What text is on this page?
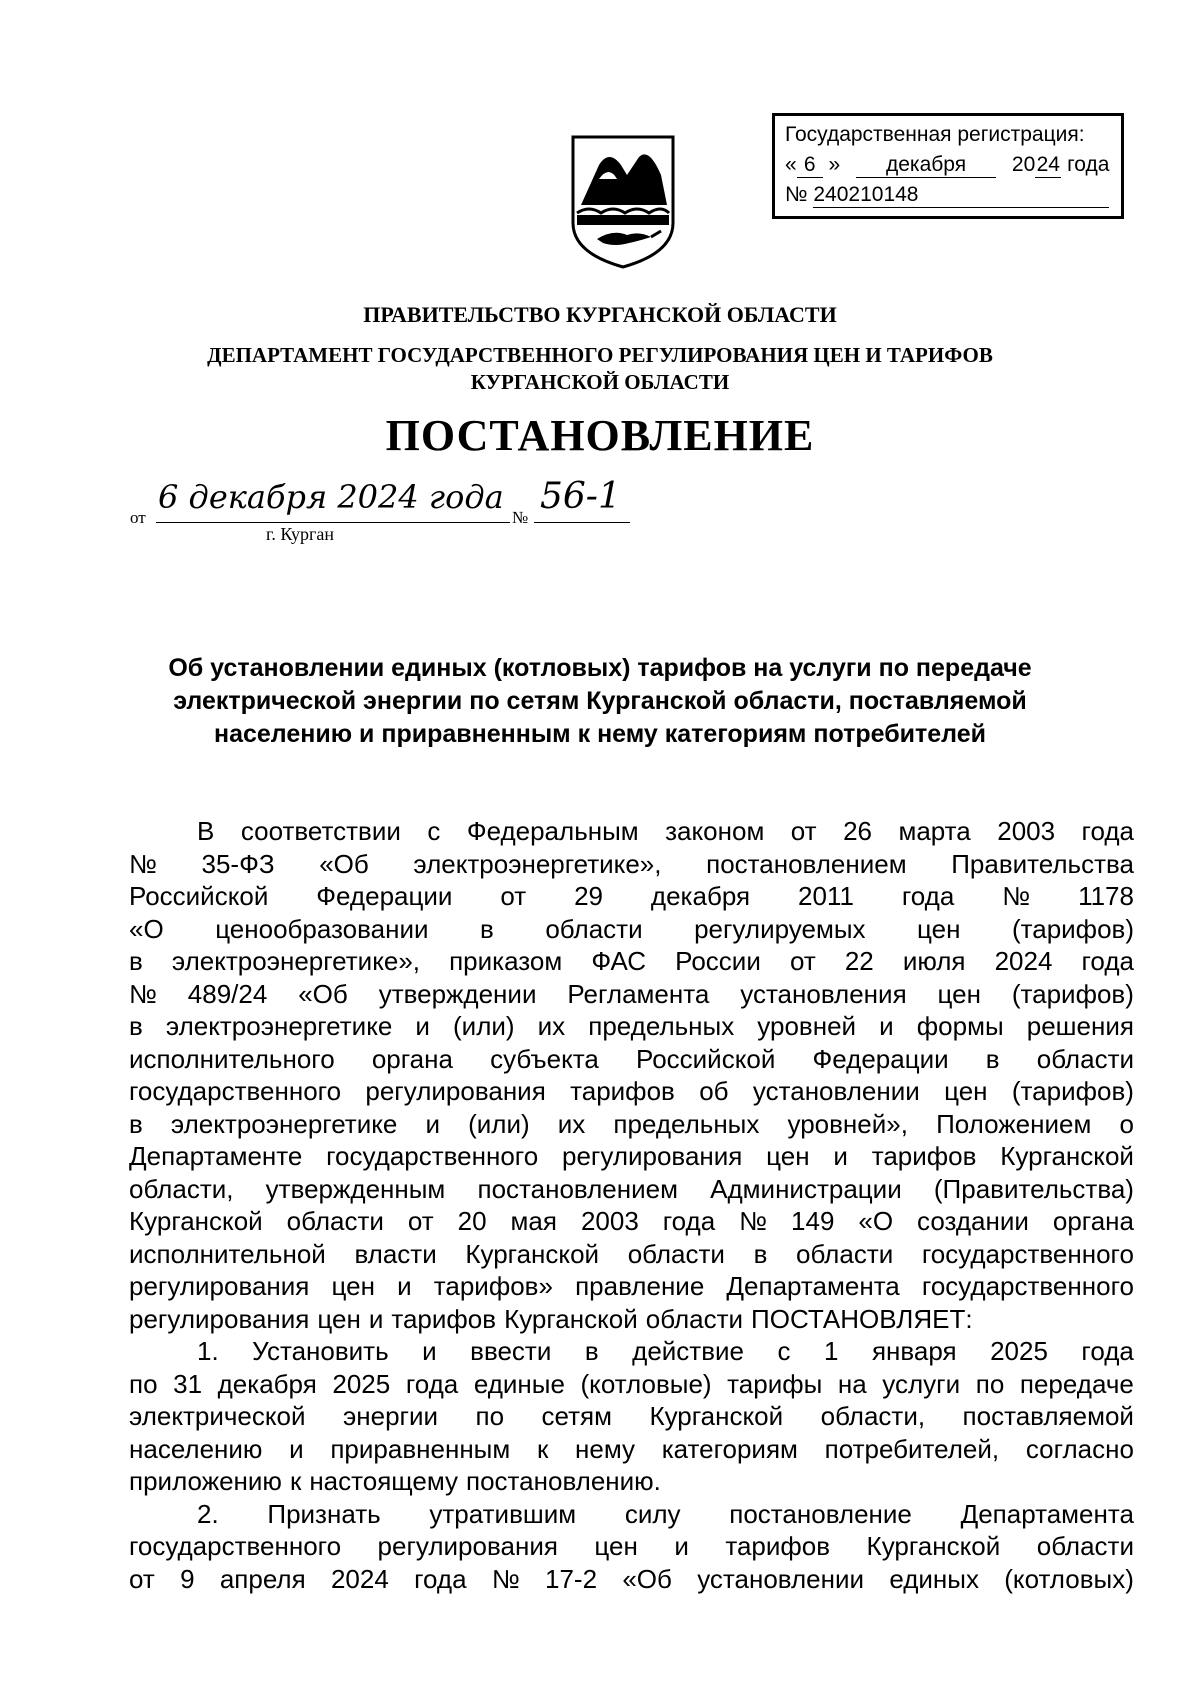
Государственная регистрация:
« 6 » декабря 2024 года
№ 240210148
ПРАВИТЕЛЬСТВО КУРГАНСКОЙ ОБЛАСТИ
ДЕПАРТАМЕНТ ГОСУДАРСТВЕННОГО РЕГУЛИРОВАНИЯ ЦЕН И ТАРИФОВ
КУРГАНСКОЙ ОБЛАСТИ
ПОСТАНОВЛЕНИЕ
от
6 декабря 2024 года
№
56-1
г. Курган
Об установлении единых (котловых) тарифов на услуги по передаче
электрической энергии по сетям Курганской области, поставляемой
населению и приравненным к нему категориям потребителей
В соответствии с Федеральным законом от 26 марта 2003 года
№ 35-ФЗ «Об электроэнергетике», постановлением Правительства
Российской Федерации от 29 декабря 2011 года № 1178
«О ценообразовании в области регулируемых цен (тарифов)
в электроэнергетике», приказом ФАС России от 22 июля 2024 года
№ 489/24 «Об утверждении Регламента установления цен (тарифов)
в электроэнергетике и (или) их предельных уровней и формы решения
исполнительного органа субъекта Российской Федерации в области
государственного регулирования тарифов об установлении цен (тарифов)
в электроэнергетике и (или) их предельных уровней», Положением о
Департаменте государственного регулирования цен и тарифов Курганской
области, утвержденным постановлением Администрации (Правительства)
Курганской области от 20 мая 2003 года № 149 «О создании органа
исполнительной власти Курганской области в области государственного
регулирования цен и тарифов» правление Департамента государственного
регулирования цен и тарифов Курганской области ПОСТАНОВЛЯЕТ:
1. Установить и ввести в действие с 1 января 2025 года
по 31 декабря 2025 года единые (котловые) тарифы на услуги по передаче
электрической энергии по сетям Курганской области, поставляемой
населению и приравненным к нему категориям потребителей, согласно
приложению к настоящему постановлению.
2. Признать утратившим силу постановление Департамента
государственного регулирования цен и тарифов Курганской области
от 9 апреля 2024 года № 17-2 «Об установлении единых (котловых)
